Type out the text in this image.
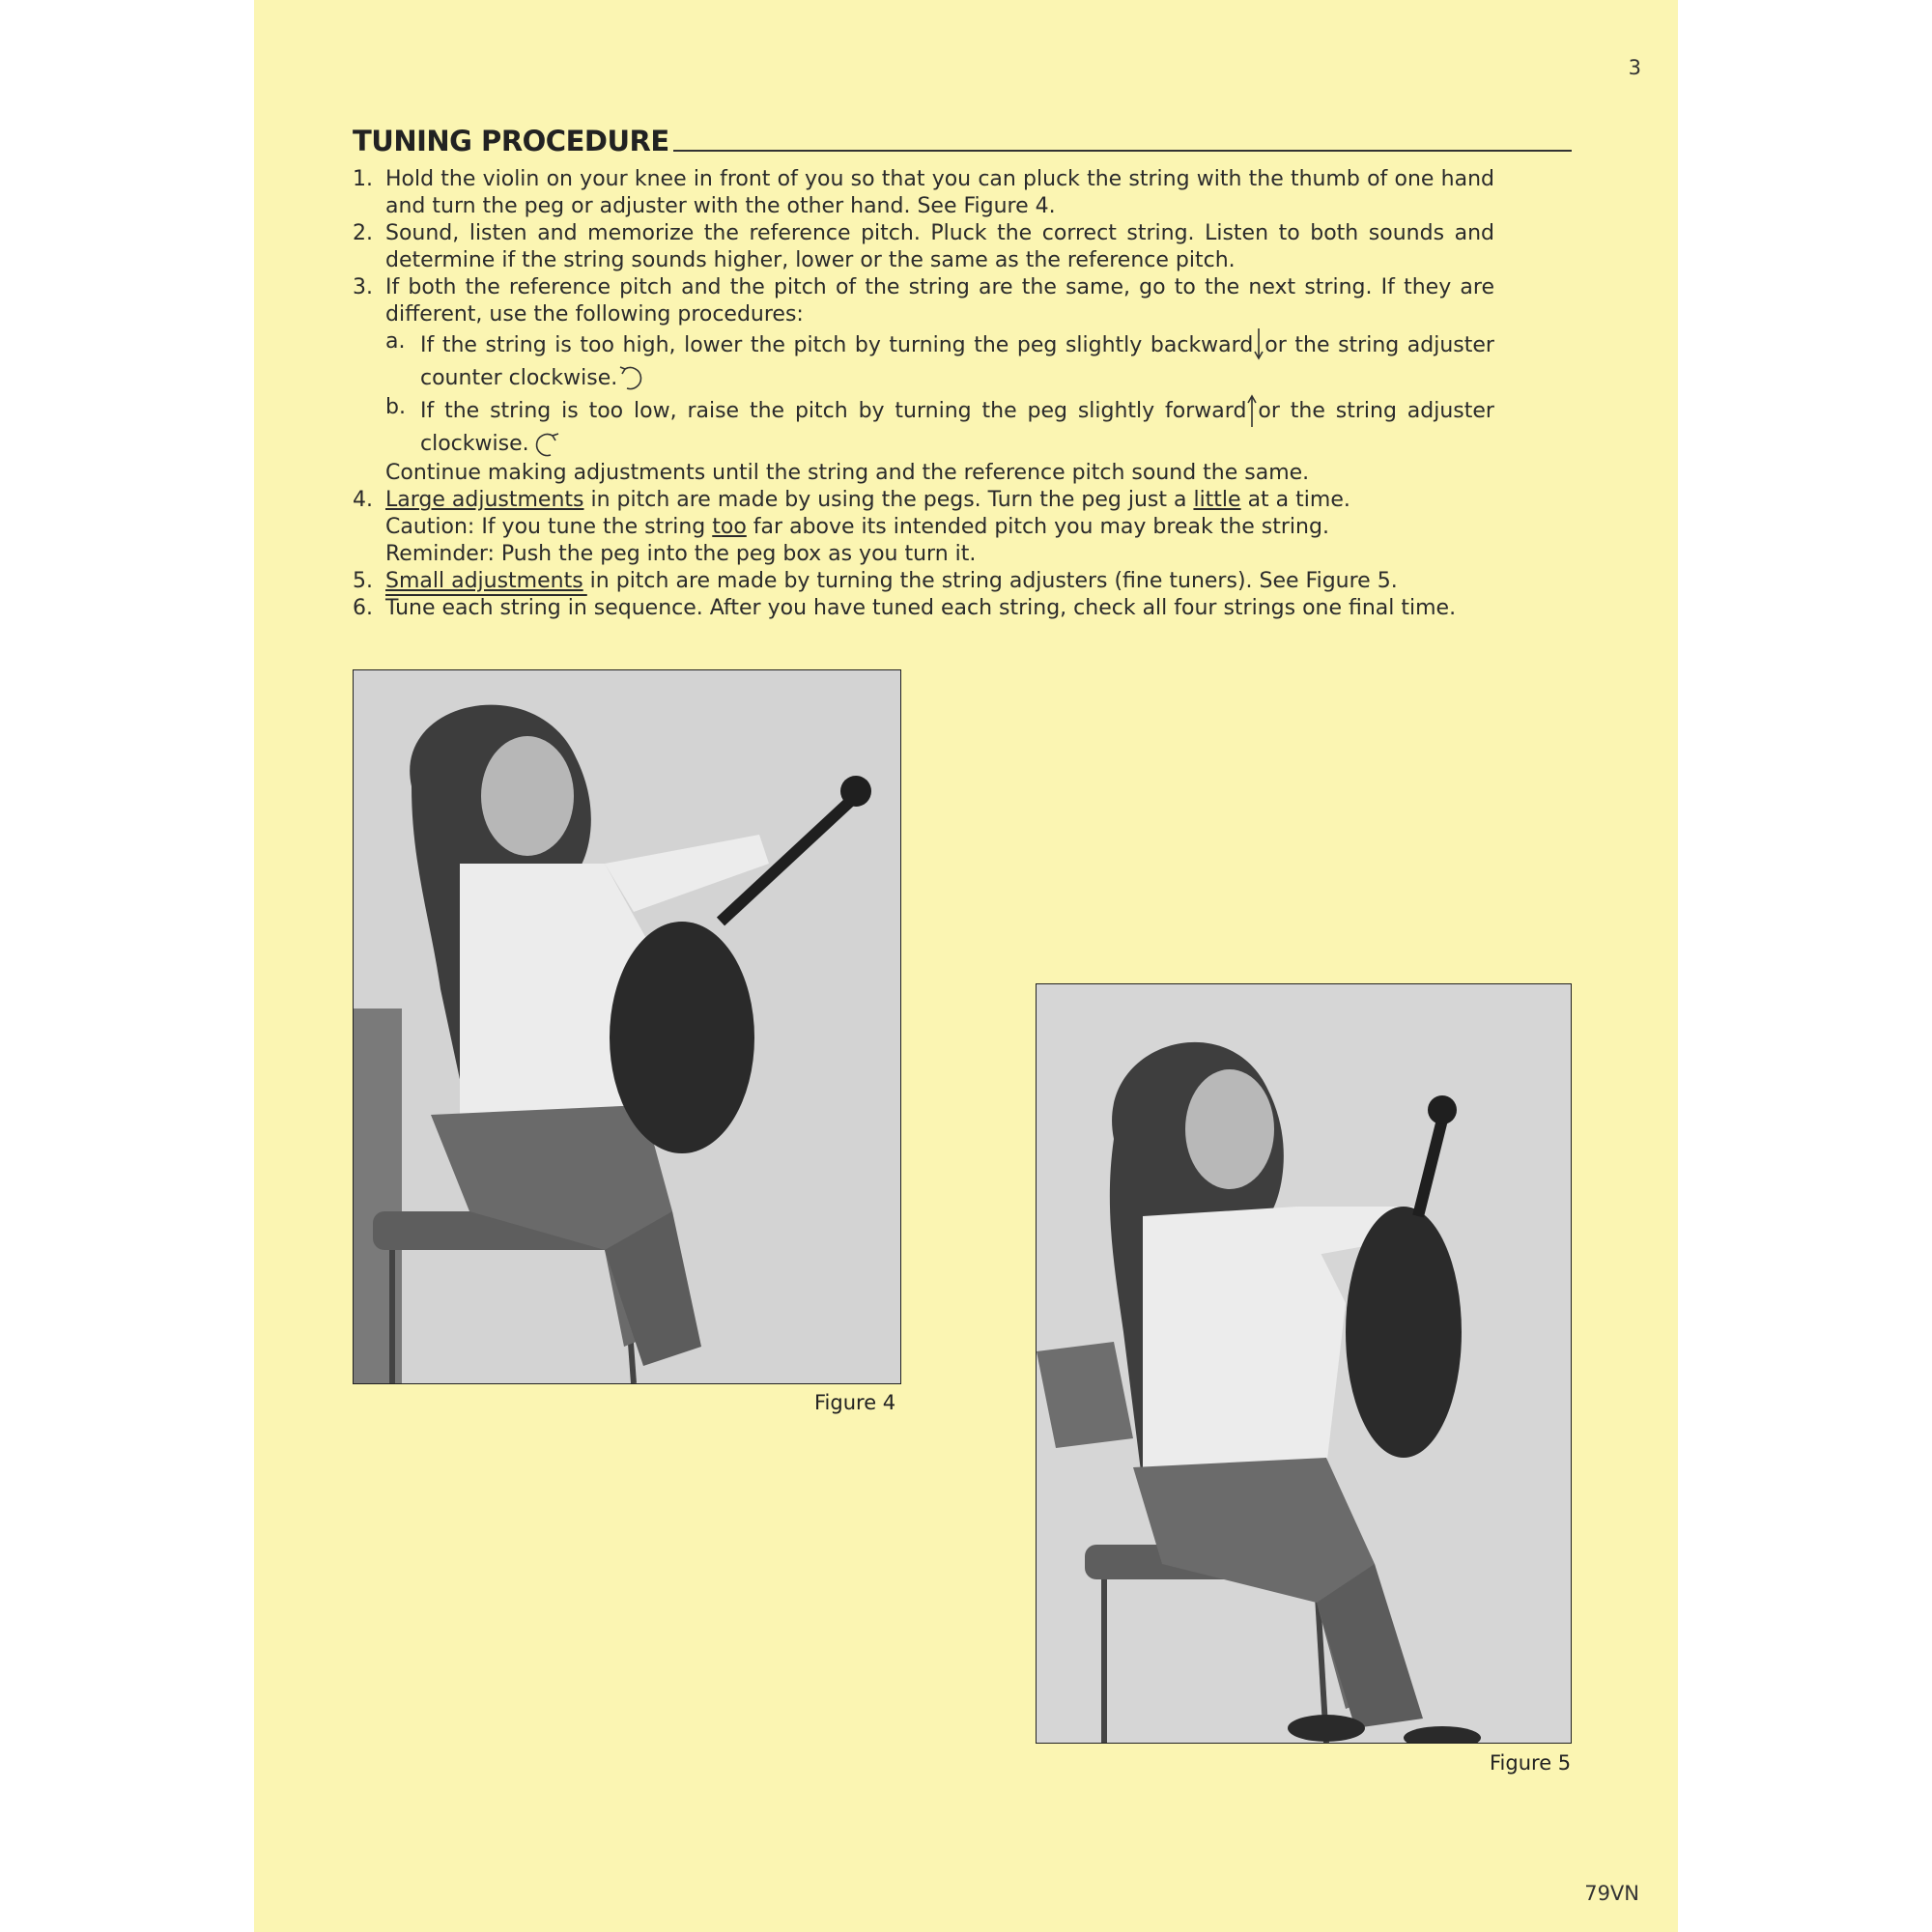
3
TUNING PROCEDURE
1. Hold the violin on your knee in front of you so that you can pluck the string with the thumb of one hand and turn the peg or adjuster with the other hand. See Figure 4.
2. Sound, listen and memorize the reference pitch. Pluck the correct string. Listen to both sounds and determine if the string sounds higher, lower or the same as the reference pitch.
3. If both the reference pitch and the pitch of the string are the same, go to the next string. If they are different, use the following procedures:
a. If the string is too high, lower the pitch by turning the peg slightly backward or the string adjuster counter clockwise.
b. If the string is too low, raise the pitch by turning the peg slightly forward or the string adjuster clockwise.
Continue making adjustments until the string and the reference pitch sound the same.
4. Large adjustments in pitch are made by using the pegs. Turn the peg just a little at a time.
Caution: If you tune the string too far above its intended pitch you may break the string.
Reminder: Push the peg into the peg box as you turn it.
5. Small adjustments in pitch are made by turning the string adjusters (fine tuners). See Figure 5.
6. Tune each string in sequence. After you have tuned each string, check all four strings one final time.
Figure 4
Figure 5
79VN
